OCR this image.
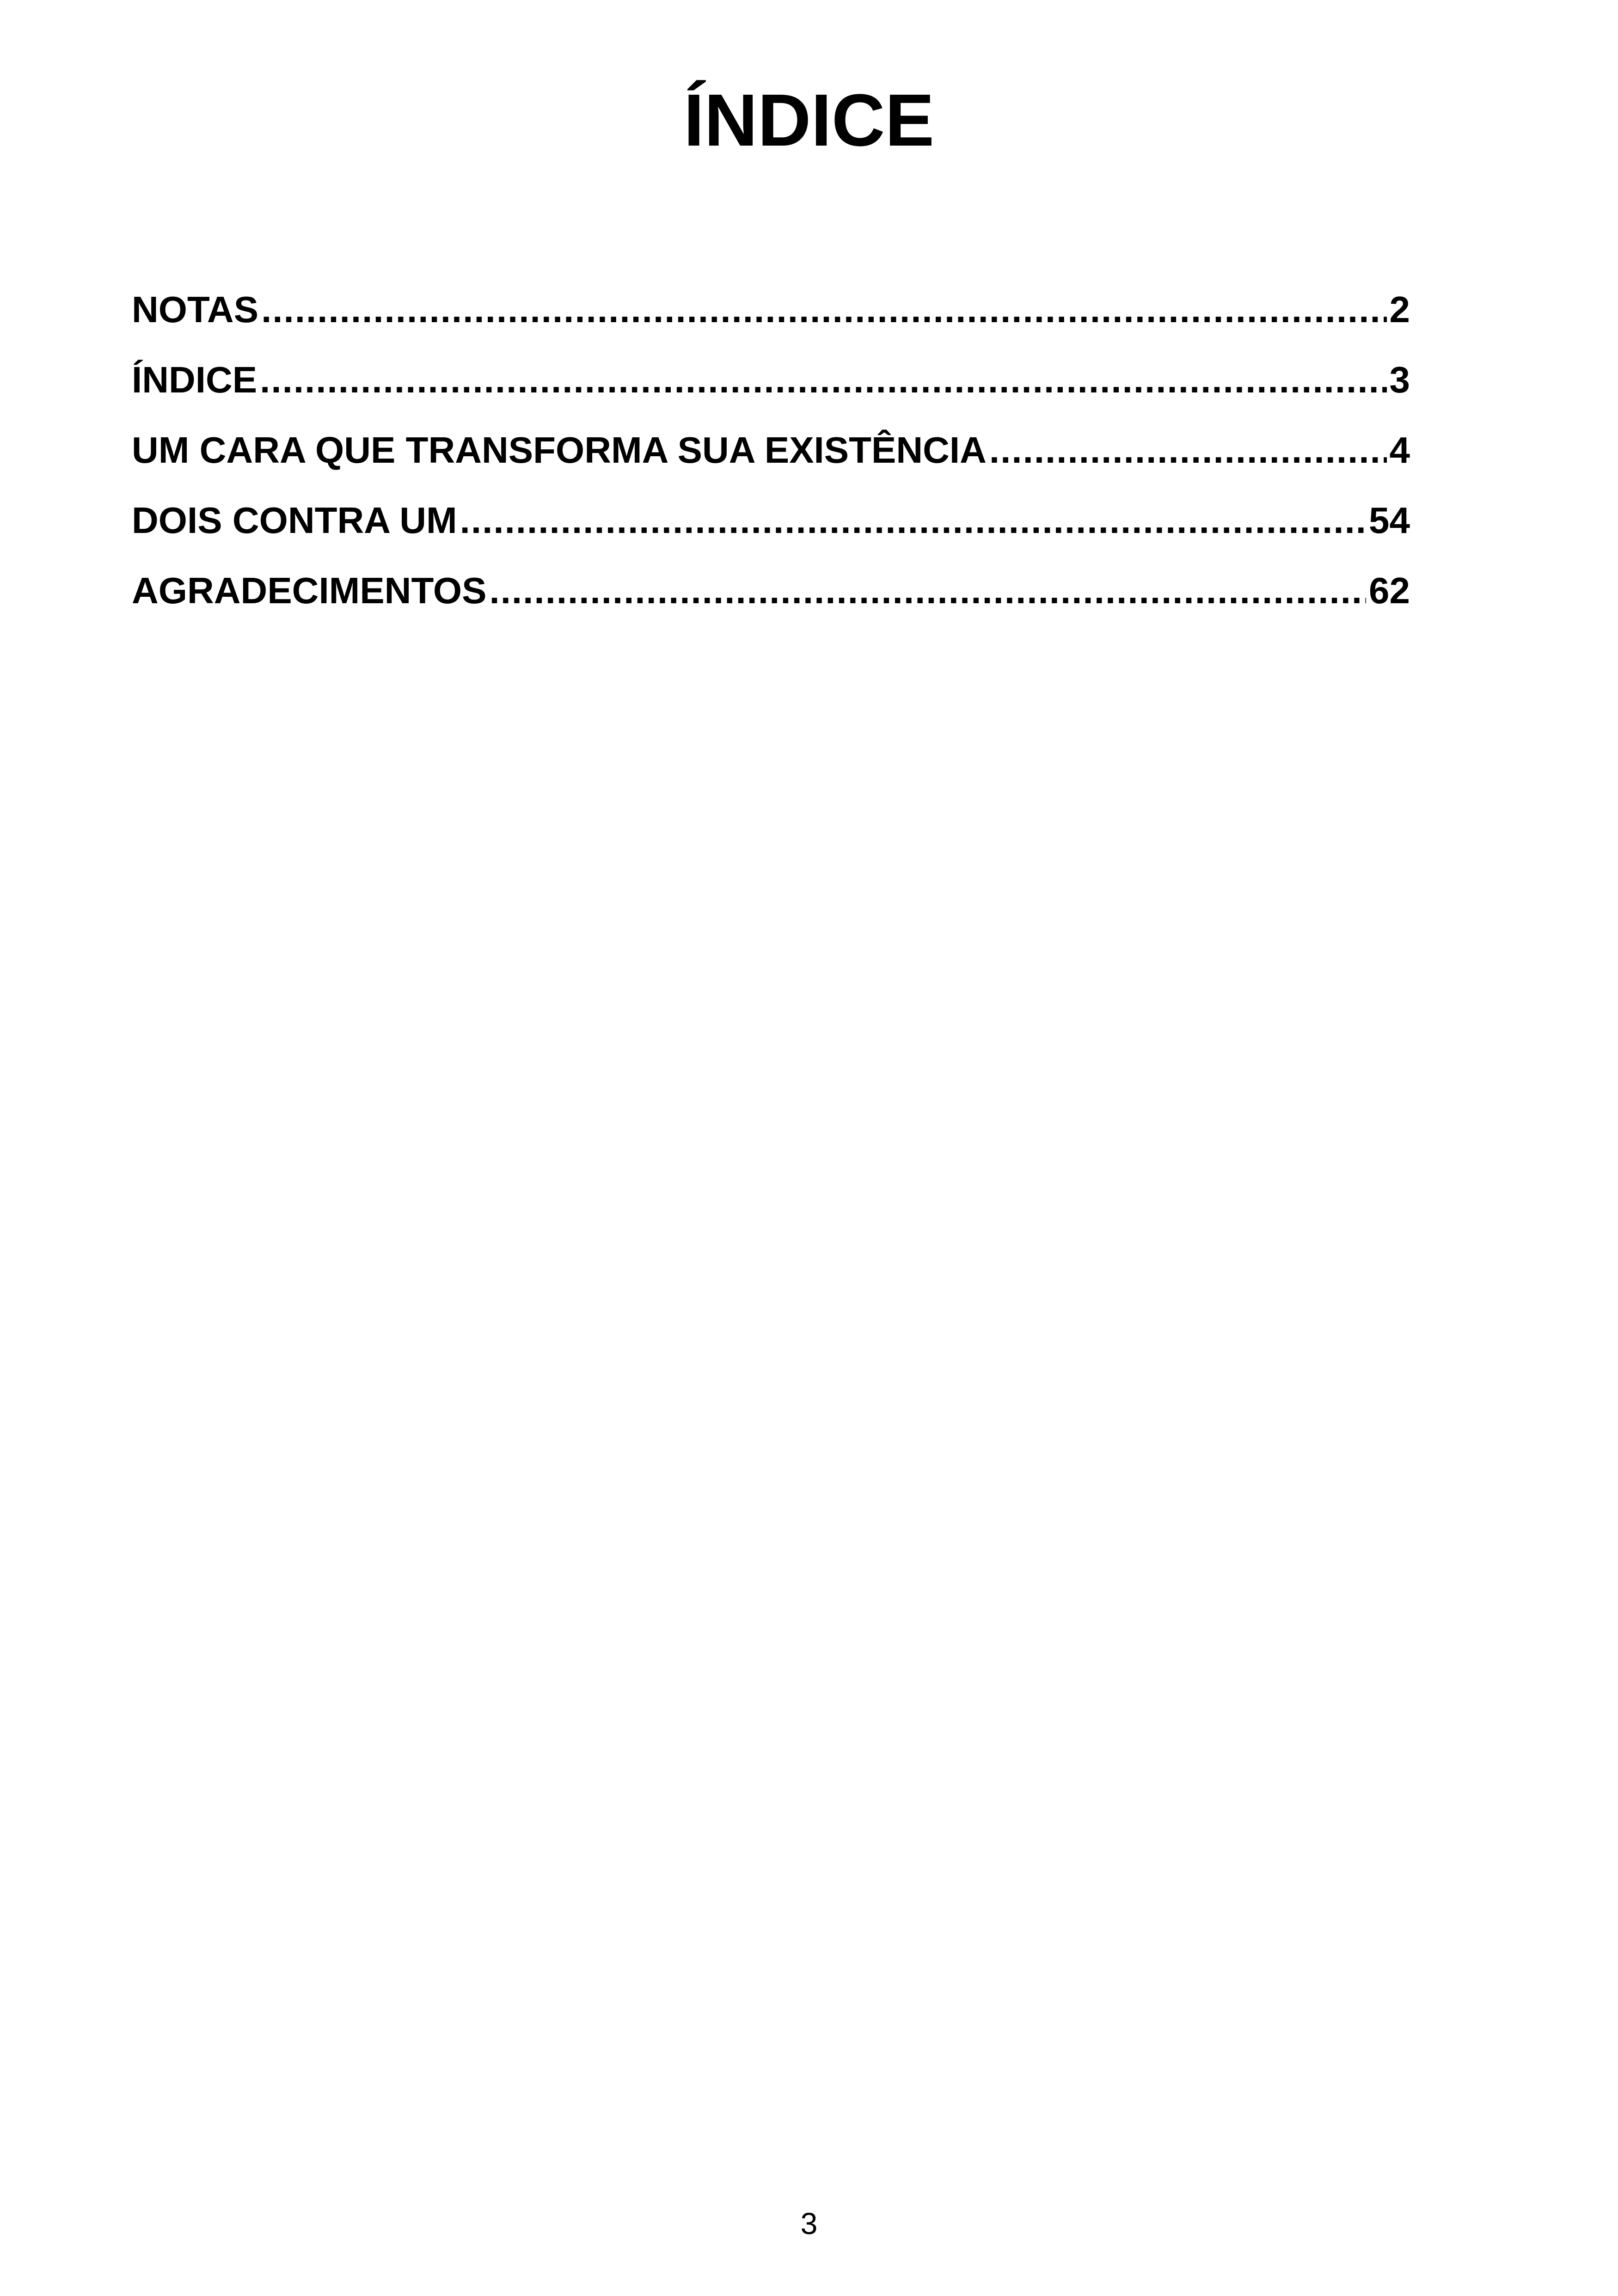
ÍNDICE
NOTAS .....	2
ÍNDICE .....	3
UM CARA QUE TRANSFORMA SUA EXISTÊNCIA .....	4
DOIS CONTRA UM .....	54
AGRADECIMENTOS .....	62
3
